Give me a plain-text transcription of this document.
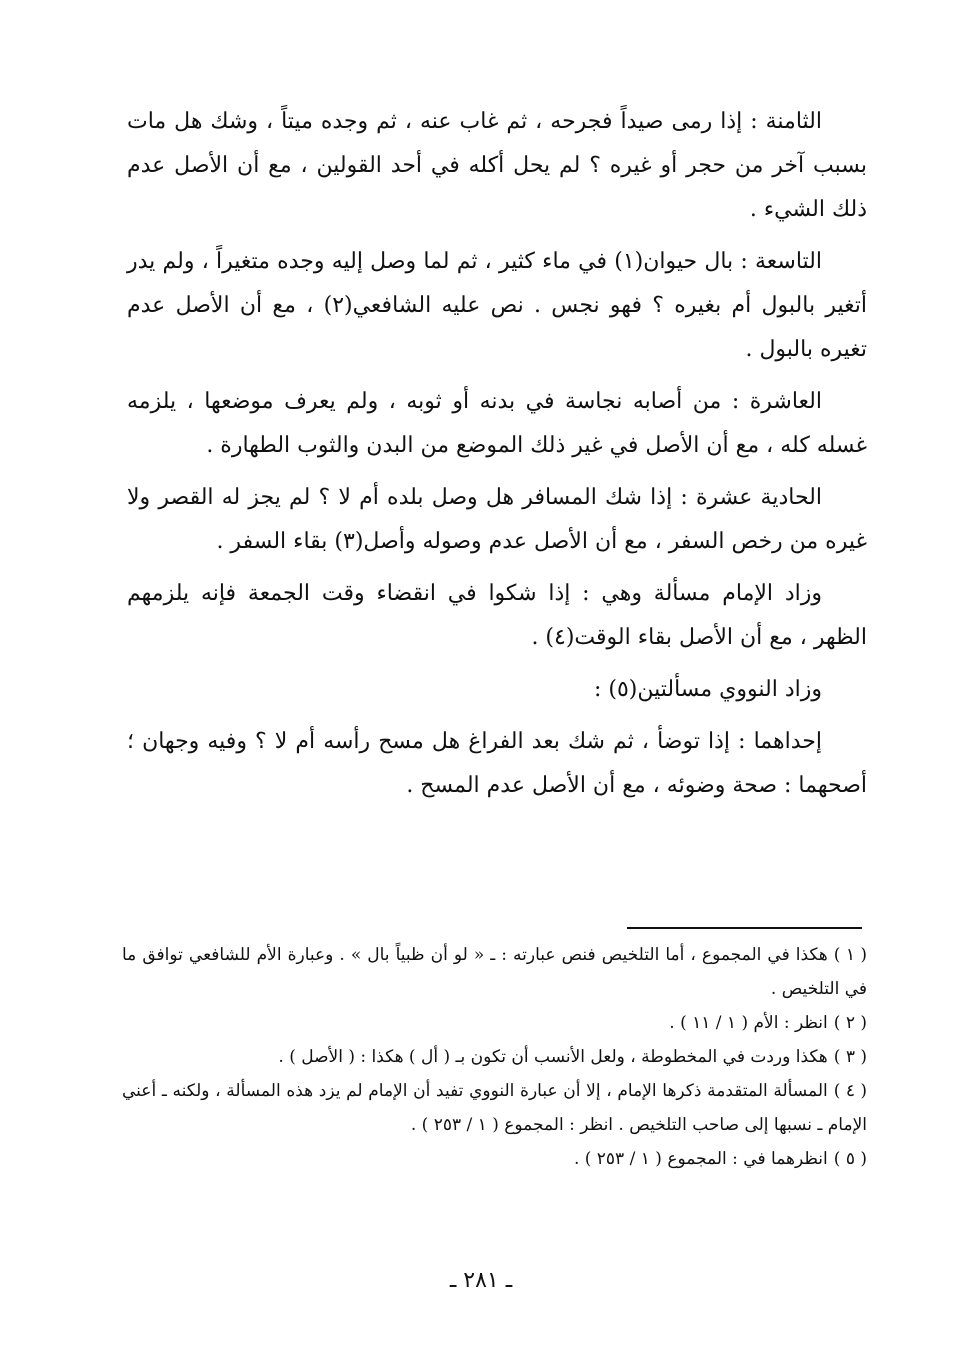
الثامنة : إذا رمى صيداً فجرحه ، ثم غاب عنه ، ثم وجده ميتاً ، وشك هل مات بسبب آخر من حجر أو غيره ؟ لم يحل أكله في أحد القولين ، مع أن الأصل عدم ذلك الشيء .

التاسعة : بال حيوان(١) في ماء كثير ، ثم لما وصل إليه وجده متغيراً ، ولم يدر أتغير بالبول أم بغيره ؟ فهو نجس . نص عليه الشافعي(٢) ، مع أن الأصل عدم تغيره بالبول .

العاشرة : من أصابه نجاسة في بدنه أو ثوبه ، ولم يعرف موضعها ، يلزمه غسله كله ، مع أن الأصل في غير ذلك الموضع من البدن والثوب الطهارة .

الحادية عشرة : إذا شك المسافر هل وصل بلده أم لا ؟ لم يجز له القصر ولا غيره من رخص السفر ، مع أن الأصل عدم وصوله وأصل(٣) بقاء السفر .

وزاد الإمام مسألة وهي : إذا شكوا في انقضاء وقت الجمعة فإنه يلزمهم الظهر ، مع أن الأصل بقاء الوقت(٤) .

وزاد النووي مسألتين(٥) :

إحداهما : إذا توضأ ، ثم شك بعد الفراغ هل مسح رأسه أم لا ؟ وفيه وجهان ؛ أصحهما : صحة وضوئه ، مع أن الأصل عدم المسح .

( ١ )هكذا في المجموع ، أما التلخيص فنص عبارته : ـ « لو أن ظبياً بال » . وعبارة الأم للشافعي توافق ما في التلخيص .

( ٢ )انظر : الأم ( ١ / ١١ ) .

( ٣ )هكذا وردت في المخطوطة ، ولعل الأنسب أن تكون بـ ( أل ) هكذا : ( الأصل ) .

( ٤ )المسألة المتقدمة ذكرها الإمام ، إلا أن عبارة النووي تفيد أن الإمام لم يزد هذه المسألة ، ولكنه ـ أعني الإمام ـ نسبها إلى صاحب التلخيص . انظر : المجموع ( ١ / ٢٥٣ ) .

( ٥ )انظرهما في : المجموع ( ١ / ٢٥٣ ) .

ـ ٢٨١ ـ
